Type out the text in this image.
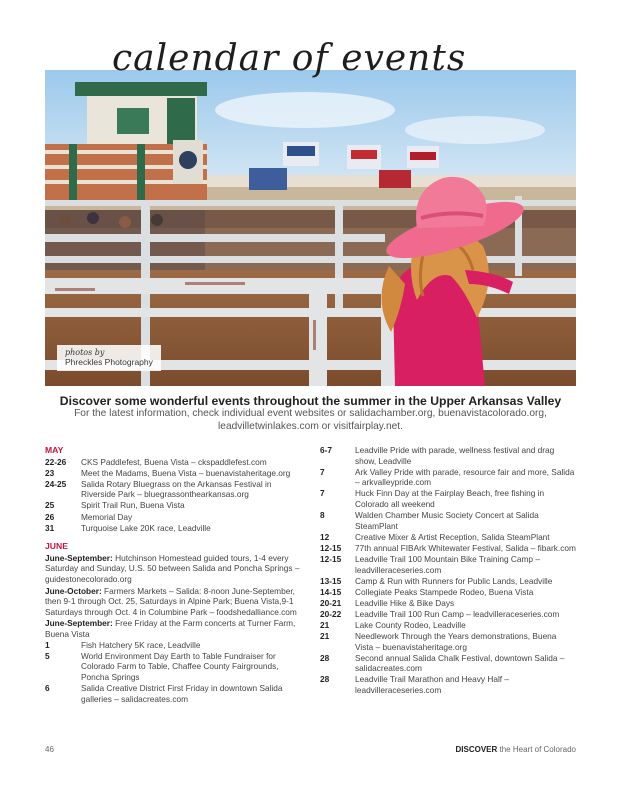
calendar of events
photos by
Phreckles Photography
Discover some wonderful events throughout the summer in the Upper Arkansas Valley
For the latest information, check individual event websites or salidachamber.org, buenavistacolorado.org, leadvilletwinlakes.com or visitfairplay.net.
MAY
22-26	CKS Paddlefest, Buena Vista – ckspaddlefest.com
23	Meet the Madams, Buena Vista – buenavistaheritage.org
24-25	Salida Rotary Bluegrass on the Arkansas Festival in Riverside Park – bluegrassonthearkansas.org
25	Spirit Trail Run, Buena Vista
26	Memorial Day
31	Turquoise Lake 20K race, Leadville
JUNE
June-September: Hutchinson Homestead guided tours, 1-4 every Saturday and Sunday, U.S. 50 between Salida and Poncha Springs – guidestonecolorado.org
June-October: Farmers Markets – Salida: 8-noon June-September, then 9-1 through Oct. 25, Saturdays in Alpine Park; Buena Vista,9-1 Saturdays through Oct. 4 in Columbine Park – foodshedalliance.com
June-September: Free Friday at the Farm concerts at Turner Farm, Buena Vista
1	Fish Hatchery 5K race, Leadville
5	World Environment Day Earth to Table Fundraiser for Colorado Farm to Table, Chaffee County Fairgrounds, Poncha Springs
6	Salida Creative District First Friday in downtown Salida galleries – salidacreates.com
6-7	Leadville Pride with parade, wellness festival and drag show, Leadville
7	Ark Valley Pride with parade, resource fair and more, Salida – arkvalleypride.com
7	Huck Finn Day at the Fairplay Beach, free fishing in Colorado all weekend
8	Walden Chamber Music Society Concert at Salida SteamPlant
12	Creative Mixer & Artist Reception, Salida SteamPlant
12-15	77th annual FIBArk Whitewater Festival, Salida – fibark.com
12-15	Leadville Trail 100 Mountain Bike Training Camp – leadvilleraceseries.com
13-15	Camp & Run with Runners for Public Lands, Leadville
14-15	Collegiate Peaks Stampede Rodeo, Buena Vista
20-21	Leadville Hike & Bike Days
20-22	Leadville Trail 100 Run Camp – leadvilleraceseries.com
21	Lake County Rodeo, Leadville
21	Needlework Through the Years demonstrations, Buena Vista – buenavistaheritage.org
28	Second annual Salida Chalk Festival, downtown Salida – salidacreates.com
28	Leadville Trail Marathon and Heavy Half – leadvilleraceseries.com
46	DISCOVER the Heart of Colorado
